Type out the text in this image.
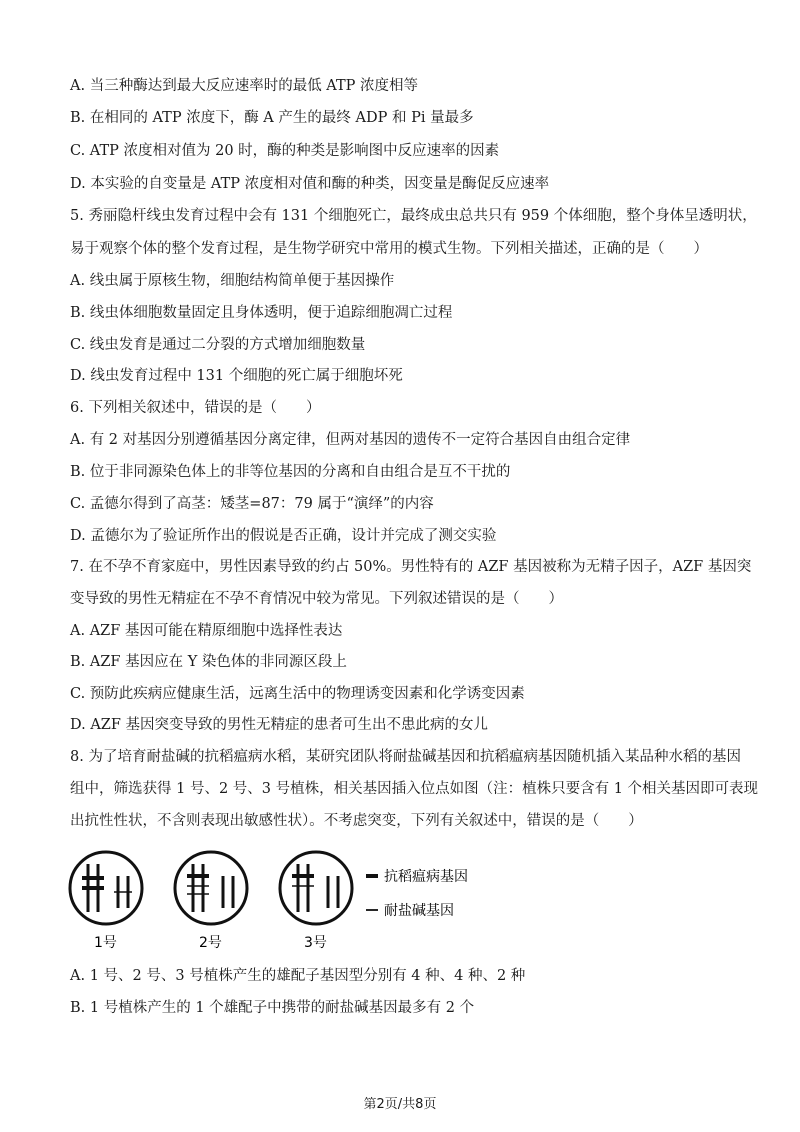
A. 当三种酶达到最大反应速率时的最低 ATP 浓度相等
B. 在相同的 ATP 浓度下，酶 A 产生的最终 ADP 和 Pi 量最多
C. ATP 浓度相对值为 20 时，酶的种类是影响图中反应速率的因素
D. 本实验的自变量是 ATP 浓度相对值和酶的种类，因变量是酶促反应速率
5. 秀丽隐杆线虫发育过程中会有 131 个细胞死亡，最终成虫总共只有 959 个体细胞，整个身体呈透明状，
易于观察个体的整个发育过程，是生物学研究中常用的模式生物。下列相关描述，正确的是（　　）
A. 线虫属于原核生物，细胞结构简单便于基因操作
B. 线虫体细胞数量固定且身体透明，便于追踪细胞凋亡过程
C. 线虫发育是通过二分裂的方式增加细胞数量
D. 线虫发育过程中 131 个细胞的死亡属于细胞坏死
6. 下列相关叙述中，错误的是（　　）
A. 有 2 对基因分别遵循基因分离定律，但两对基因的遗传不一定符合基因自由组合定律
B. 位于非同源染色体上的非等位基因的分离和自由组合是互不干扰的
C. 孟德尔得到了高茎：矮茎=87：79 属于“演绎”的内容
D. 孟德尔为了验证所作出的假说是否正确，设计并完成了测交实验
7. 在不孕不育家庭中，男性因素导致的约占 50%。男性特有的 AZF 基因被称为无精子因子，AZF 基因突
变导致的男性无精症在不孕不育情况中较为常见。下列叙述错误的是（　　）
A. AZF 基因可能在精原细胞中选择性表达
B. AZF 基因应在 Y 染色体的非同源区段上
C. 预防此疾病应健康生活，远离生活中的物理诱变因素和化学诱变因素
D. AZF 基因突变导致的男性无精症的患者可生出不患此病的女儿
8. 为了培育耐盐碱的抗稻瘟病水稻，某研究团队将耐盐碱基因和抗稻瘟病基因随机插入某品种水稻的基因
组中，筛选获得 1 号、2 号、3 号植株，相关基因插入位点如图（注：植株只要含有 1 个相关基因即可表现
出抗性性状，不含则表现出敏感性状）。不考虑突变，下列有关叙述中，错误的是（　　）
抗稻瘟病基因
耐盐碱基因
1号	2号	3号
A. 1 号、2 号、3 号植株产生的雄配子基因型分别有 4 种、4 种、2 种
B. 1 号植株产生的 1 个雄配子中携带的耐盐碱基因最多有 2 个
第2页/共8页
